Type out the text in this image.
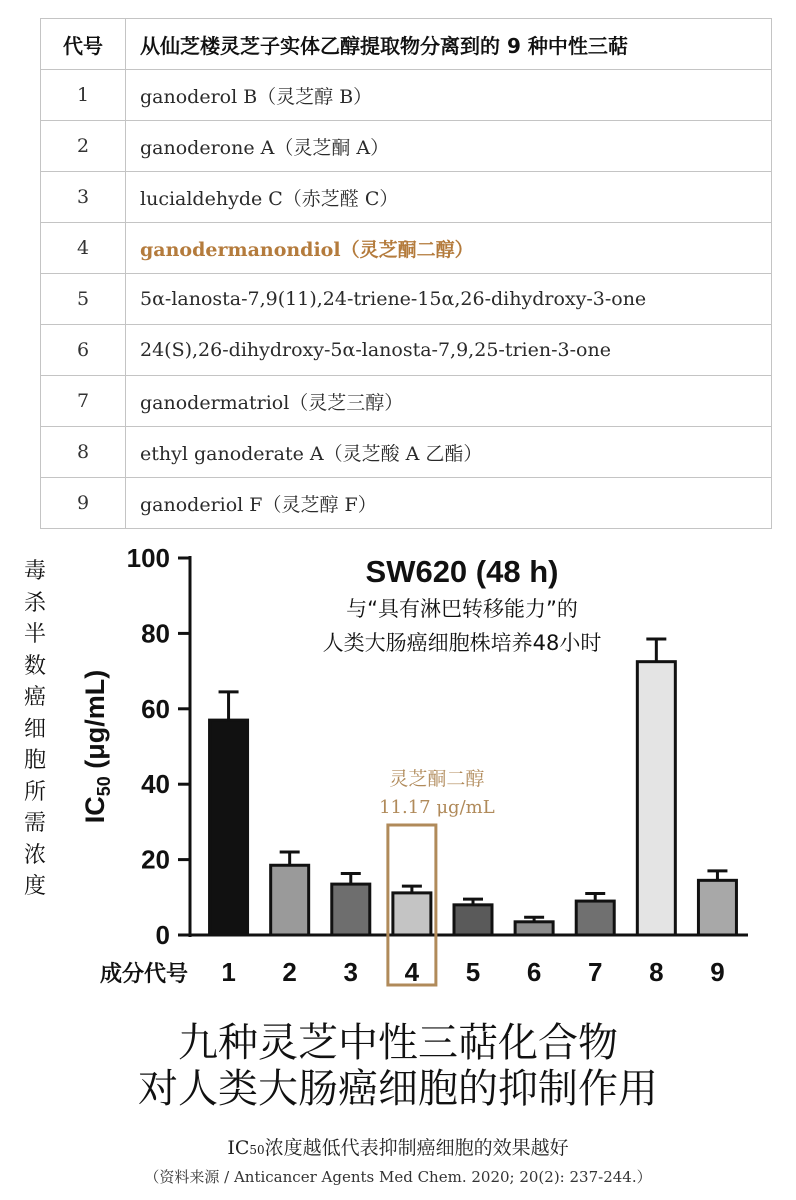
代号	从仙芝楼灵芝子实体乙醇提取物分离到的 9 种中性三萜
1	ganoderol B（灵芝醇 B）
2	ganoderone A（灵芝酮 A）
3	lucialdehyde C（赤芝醛 C）
4	ganodermanondiol（灵芝酮二醇）
5	5α-lanosta-7,9(11),24-triene-15α,26-dihydroxy-3-one
6	24(S),26-dihydroxy-5α-lanosta-7,9,25-trien-3-one
7	ganodermatriol（灵芝三醇）
8	ethyl ganoderate A（灵芝酸 A 乙酯）
9	ganoderiol F（灵芝醇 F）
毒杀半数癌细胞所需浓度
0
20
40
60
80
100
$IC_{50}$ (μg/mL)
1 2 3 4
灵芝酮二醇
11.17 μg/mL
5 6 7 8 9
成分代号
SW620 (48 h)
与“具有淋巴转移能力”的
人类大肠癌细胞株培养48小时
九种灵芝中性三萜化合物
对人类大肠癌细胞的抑制作用
IC50浓度越低代表抑制癌细胞的效果越好
（资料来源 / Anticancer Agents Med Chem. 2020; 20(2): 237-244.）
